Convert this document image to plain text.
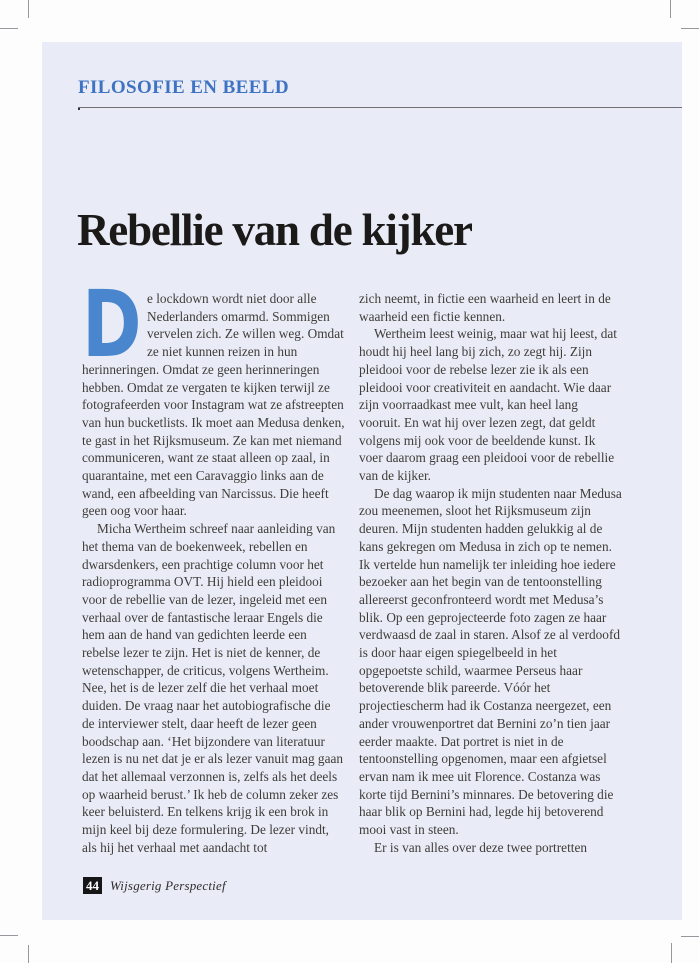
FILOSOFIE EN BEELD
Rebellie van de kijker

De lockdown wordt niet door alle Nederlanders omarmd. Sommigen vervelen zich. Ze willen weg. Omdat ze niet kunnen reizen in hun herinneringen. Omdat ze geen herinneringen hebben. Omdat ze vergaten te kijken terwijl ze fotografeerden voor Instagram wat ze afstreepten van hun bucketlists. Ik moet aan Medusa denken, te gast in het Rijksmuseum. Ze kan met niemand communiceren, want ze staat alleen op zaal, in quarantaine, met een Caravaggio links aan de wand, een afbeelding van Narcissus. Die heeft geen oog voor haar.

Micha Wertheim schreef naar aanleiding van het thema van de boekenweek, rebellen en dwarsdenkers, een prachtige column voor het radioprogramma OVT. Hij hield een pleidooi voor de rebellie van de lezer, ingeleid met een verhaal over de fantastische leraar Engels die hem aan de hand van gedichten leerde een rebelse lezer te zijn. Het is niet de kenner, de wetenschapper, de criticus, volgens Wertheim. Nee, het is de lezer zelf die het verhaal moet duiden. De vraag naar het autobiografische die de interviewer stelt, daar heeft de lezer geen boodschap aan. ‘Het bijzondere van literatuur lezen is nu net dat je er als lezer vanuit mag gaan dat het allemaal verzonnen is, zelfs als het deels op waarheid berust.’ Ik heb de column zeker zes keer beluisterd. En telkens krijg ik een brok in mijn keel bij deze formulering. De lezer vindt, als hij het verhaal met aandacht tot

zich neemt, in fictie een waarheid en leert in de waarheid een fictie kennen.

Wertheim leest weinig, maar wat hij leest, dat houdt hij heel lang bij zich, zo zegt hij. Zijn pleidooi voor de rebelse lezer zie ik als een pleidooi voor creativiteit en aandacht. Wie daar zijn voorraadkast mee vult, kan heel lang vooruit. En wat hij over lezen zegt, dat geldt volgens mij ook voor de beeldende kunst. Ik voer daarom graag een pleidooi voor de rebellie van de kijker.

De dag waarop ik mijn studenten naar Medusa zou meenemen, sloot het Rijksmuseum zijn deuren. Mijn studenten hadden gelukkig al de kans gekregen om Medusa in zich op te nemen. Ik vertelde hun namelijk ter inleiding hoe iedere bezoeker aan het begin van de tentoonstelling allereerst geconfronteerd wordt met Medusa’s blik. Op een geprojecteerde foto zagen ze haar verdwaasd de zaal in staren. Alsof ze al verdoofd is door haar eigen spiegelbeeld in het opgepoetste schild, waarmee Perseus haar betoverende blik pareerde. Vóór het projectiescherm had ik Costanza neergezet, een ander vrouwenportret dat Bernini zo’n tien jaar eerder maakte. Dat portret is niet in de tentoonstelling opgenomen, maar een afgietsel ervan nam ik mee uit Florence. Costanza was korte tijd Bernini’s minnares. De betovering die haar blik op Bernini had, legde hij betoverend mooi vast in steen.

Er is van alles over deze twee portretten

44 Wijsgerig Perspectief
